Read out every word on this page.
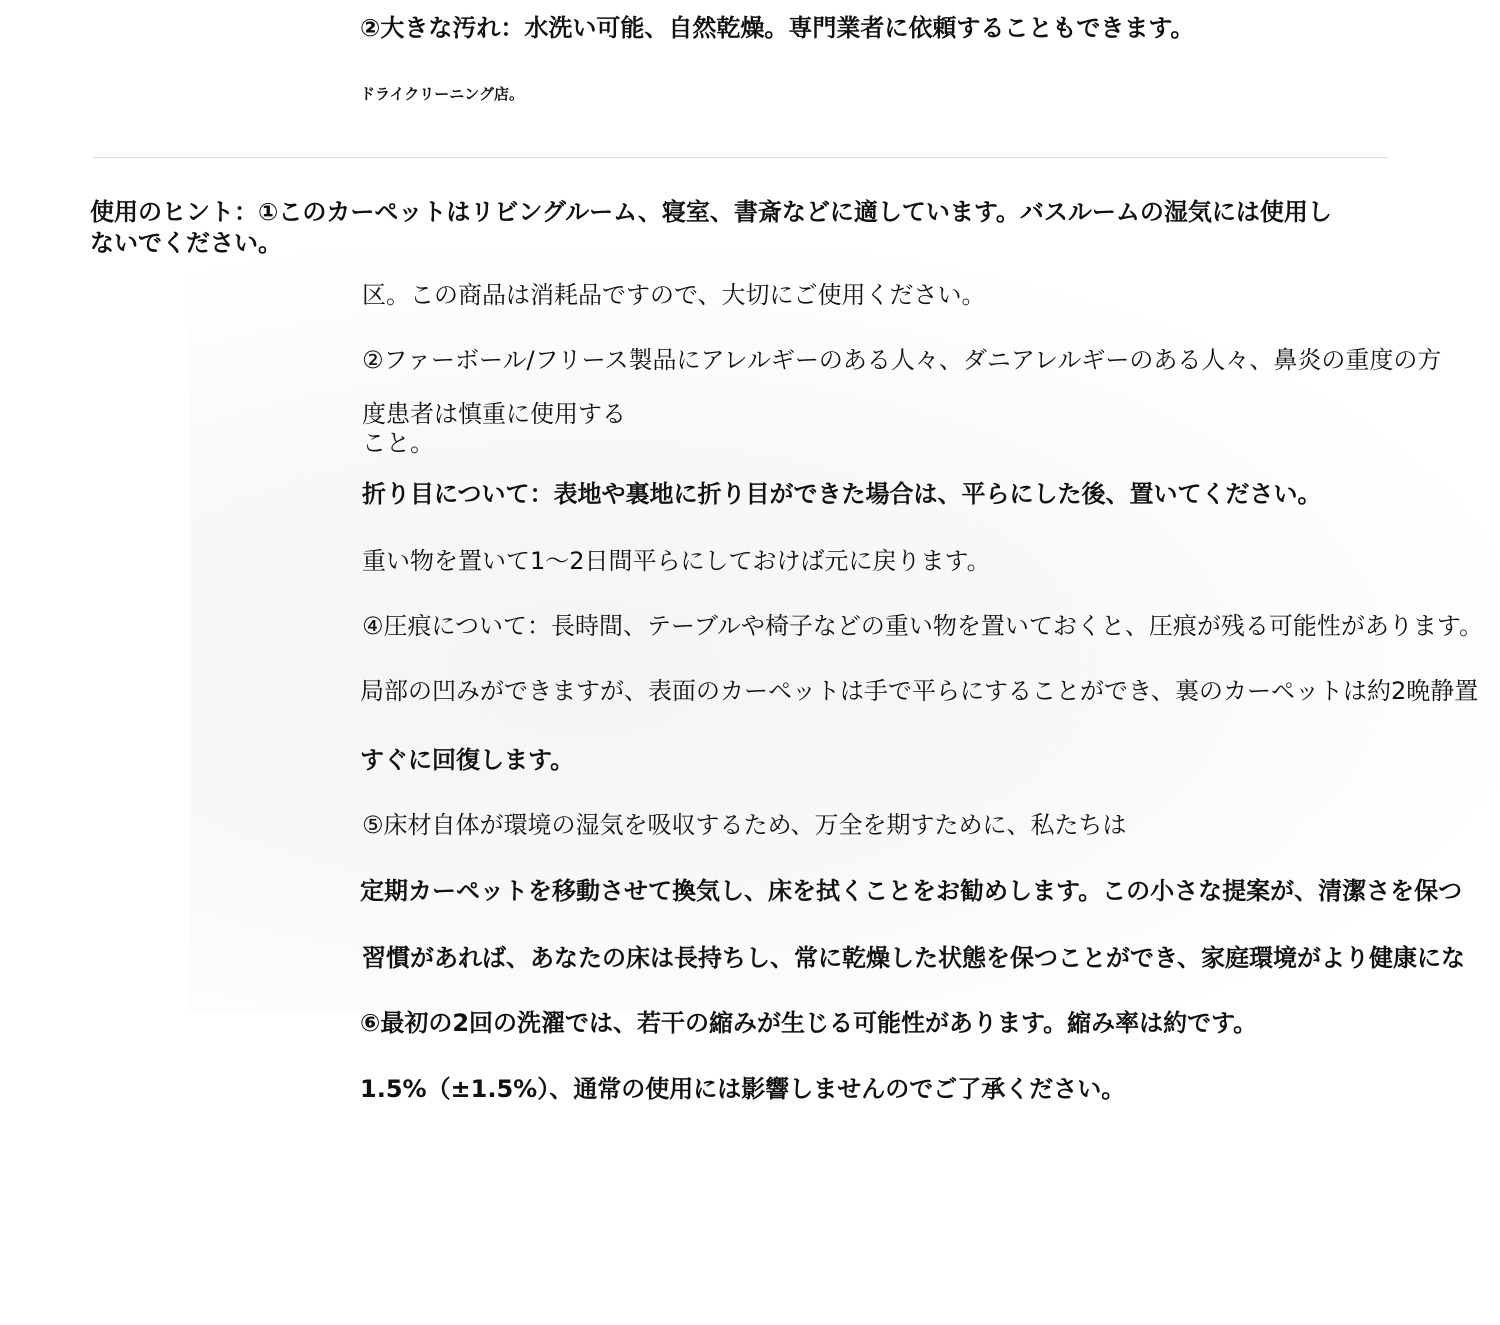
②大きな汚れ：水洗い可能、自然乾燥。専門業者に依頼することもできます。
ドライクリーニング店。
使用のヒント：①このカーペットはリビングルーム、寝室、書斎などに適しています。バスルームの湿気には使用しないでください。
区。この商品は消耗品ですので、大切にご使用ください。
②ファーボール/フリース製品にアレルギーのある人々、ダニアレルギーのある人々、鼻炎の重度の方
度患者は慎重に使用する
こと。
折り目について：表地や裏地に折り目ができた場合は、平らにした後、置いてください。
重い物を置いて1〜2日間平らにしておけば元に戻ります。
④圧痕について：長時間、テーブルや椅子などの重い物を置いておくと、圧痕が残る可能性があります。
局部の凹みができますが、表面のカーペットは手で平らにすることができ、裏のカーペットは約2晩静置
すぐに回復します。
⑤床材自体が環境の湿気を吸収するため、万全を期すために、私たちは
定期カーペットを移動させて換気し、床を拭くことをお勧めします。この小さな提案が、清潔さを保つ
習慣があれば、あなたの床は長持ちし、常に乾燥した状態を保つことができ、家庭環境がより健康にな
⑥最初の2回の洗濯では、若干の縮みが生じる可能性があります。縮み率は約です。
1.5%（±1.5%）、通常の使用には影響しませんのでご了承ください。
